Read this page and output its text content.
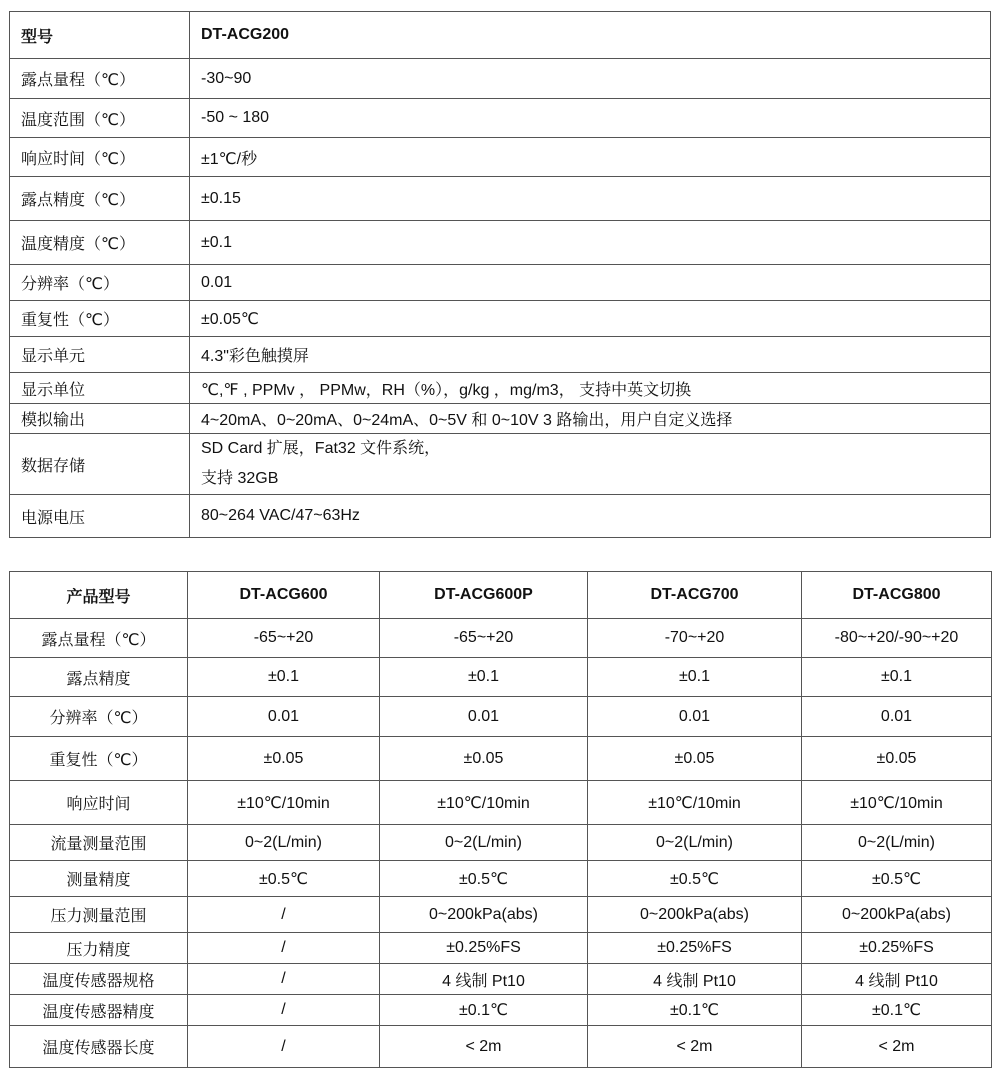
型号	DT-ACG200
露点量程（℃）	-30~90
温度范围（℃）	-50 ~ 180
响应时间（℃）	±1℃/秒
露点精度（℃）	±0.15
温度精度（℃）	±0.1
分辨率（℃）	0.01
重复性（℃）	±0.05℃
显示单元	4.3"彩色触摸屏
显示单位	℃,℉ , PPMv ， PPMw，RH（%），g/kg ，mg/m3， 支持中英文切换
模拟输出	4~20mA、0~20mA、0~24mA、0~5V 和 0~10V 3 路输出，用户自定义选择
数据存储	SD Card 扩展，Fat32 文件系统，
支持 32GB

电源电压	80~264 VAC/47~63Hz
产品型号	DT-ACG600	DT-ACG600P	DT-ACG700	DT-ACG800
露点量程（℃）	-65~+20	-65~+20	-70~+20	-80~+20/-90~+20
露点精度	±0.1	±0.1	±0.1	±0.1
分辨率（℃）	0.01	0.01	0.01	0.01
重复性（℃）	±0.05	±0.05	±0.05	±0.05
响应时间	±10℃/10min	±10℃/10min	±10℃/10min	±10℃/10min
流量测量范围	0~2(L/min)	0~2(L/min)	0~2(L/min)	0~2(L/min)
测量精度	±0.5℃	±0.5℃	±0.5℃	±0.5℃
压力测量范围	/	0~200kPa(abs)	0~200kPa(abs)	0~200kPa(abs)
压力精度	/	±0.25%FS	±0.25%FS	±0.25%FS
温度传感器规格	/	4 线制 Pt10	4 线制 Pt10	4 线制 Pt10
温度传感器精度	/	±0.1℃	±0.1℃	±0.1℃
温度传感器长度	/	< 2m	< 2m	< 2m
